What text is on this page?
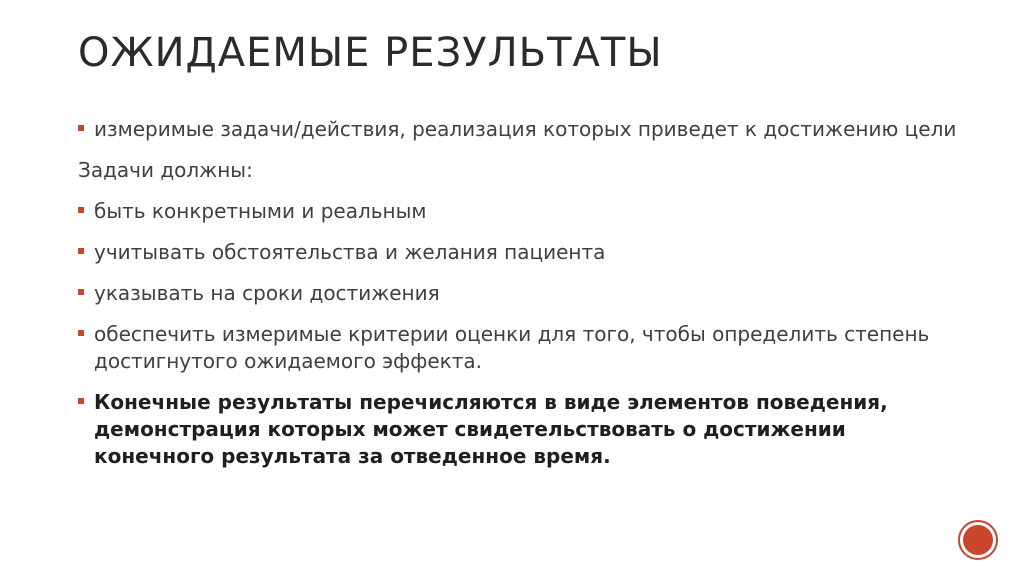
ОЖИДАЕМЫЕ РЕЗУЛЬТАТЫ
измеримые задачи/действия, реализация которых приведет к достижению цели
Задачи должны:
быть конкретными и реальным
учитывать обстоятельства и желания пациента
указывать на сроки достижения
обеспечить измеримые критерии оценки для того, чтобы определить степень достигнутого ожидаемого эффекта.
Конечные результаты перечисляются в виде элементов поведения, демонстрация которых может свидетельствовать о достижении конечного результата за отведенное время.
